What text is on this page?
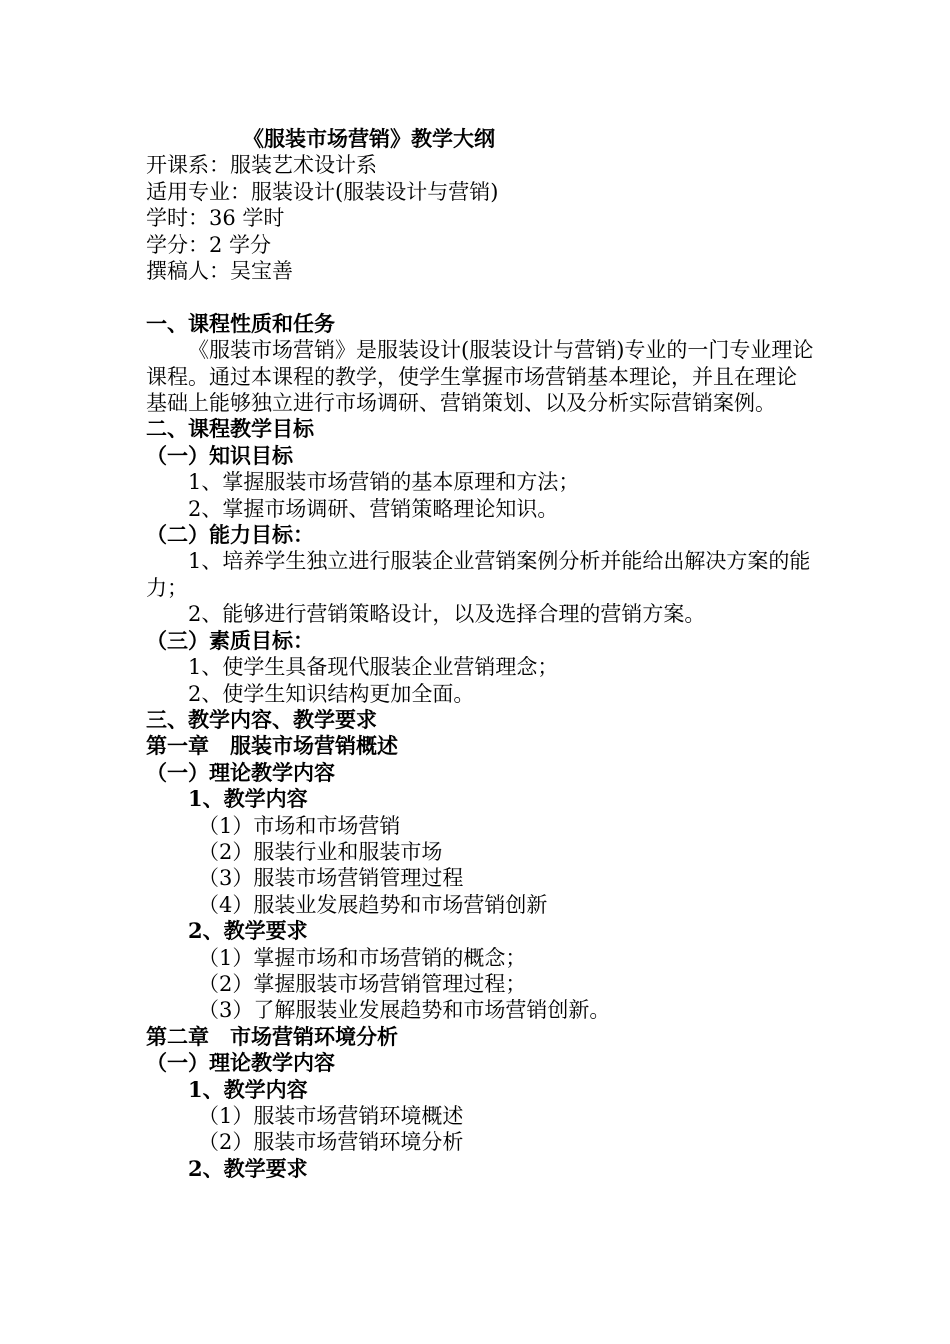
《服装市场营销》教学大纲
开课系：服装艺术设计系
适用专业：服装设计(服装设计与营销)
学时：36 学时
学分：2 学分
撰稿人：吴宝善
一、课程性质和任务
《服装市场营销》是服装设计(服装设计与营销)专业的一门专业理论课程。通过本课程的教学，使学生掌握市场营销基本理论，并且在理论基础上能够独立进行市场调研、营销策划、以及分析实际营销案例。
二、课程教学目标
（一）知识目标
1、掌握服装市场营销的基本原理和方法；
2、掌握市场调研、营销策略理论知识。
（二）能力目标：
1、培养学生独立进行服装企业营销案例分析并能给出解决方案的能力；
2、能够进行营销策略设计，以及选择合理的营销方案。
（三）素质目标：
1、使学生具备现代服装企业营销理念；
2、使学生知识结构更加全面。
三、教学内容、教学要求
第一章　服装市场营销概述
（一）理论教学内容
1、教学内容
（1）市场和市场营销
（2）服装行业和服装市场
（3）服装市场营销管理过程
（4）服装业发展趋势和市场营销创新
2、教学要求
（1）掌握市场和市场营销的概念；
（2）掌握服装市场营销管理过程；
（3）了解服装业发展趋势和市场营销创新。
第二章　市场营销环境分析
（一）理论教学内容
1、教学内容
（1）服装市场营销环境概述
（2）服装市场营销环境分析
2、教学要求
